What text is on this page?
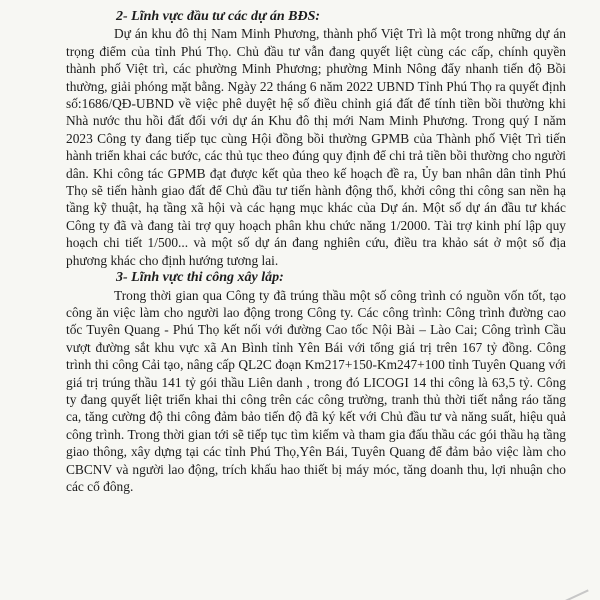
2- Lĩnh vực đầu tư các dự án BĐS:

Dự án khu đô thị Nam Minh Phương, thành phố Việt Trì là một trong những dự án trọng điểm của tỉnh Phú Thọ. Chủ đầu tư vẫn đang quyết liệt cùng các cấp, chính quyền thành phố Việt trì, các phường Minh Phương; phường Minh Nông đẩy nhanh tiến độ Bồi thường, giải phóng mặt bằng. Ngày 22 tháng 6 năm 2022 UBND Tỉnh Phú Thọ ra quyết định số:1686/QĐ-UBND về việc phê duyệt hệ số điều chỉnh giá đất để tính tiền bồi thường khi Nhà nước thu hồi đất đối với dự án Khu đô thị mới Nam Minh Phương. Trong quý I năm 2023 Công ty đang tiếp tục cùng Hội đồng bồi thường GPMB của Thành phố Việt Trì tiến hành triển khai các bước, các thủ tục theo đúng quy định để chi trả tiền bồi thường cho người dân. Khi công tác GPMB đạt được kết qủa theo kế hoạch đề ra, Ủy ban nhân dân tỉnh Phú Thọ sẽ tiến hành giao đất để Chủ đầu tư tiến hành động thổ, khởi công thi công san nền hạ tầng kỹ thuật, hạ tầng xã hội và các hạng mục khác của Dự án. Một số dự án đầu tư khác Công ty đã và đang tài trợ quy hoạch phân khu chức năng 1/2000. Tài trợ kinh phí lập quy hoạch chi tiết 1/500... và một số dự án đang nghiên cứu, điều tra khảo sát ở một số địa phương khác cho định hướng tương lai.

3- Lĩnh vực thi công xây lắp:

Trong thời gian qua Công ty đã trúng thầu một số công trình có nguồn vốn tốt, tạo công ăn việc làm cho người lao động trong Công ty. Các công trình: Công trình đường cao tốc Tuyên Quang - Phú Thọ kết nối với đường Cao tốc Nội Bài – Lào Cai; Công trình Cầu vượt đường sắt khu vực xã An Bình tỉnh Yên Bái với tổng giá trị trên 167 tỷ đồng. Công trình thi công Cải tạo, nâng cấp QL2C đoạn Km217+150-Km247+100 tỉnh Tuyên Quang với giá trị trúng thầu 141 tỷ gói thầu Liên danh , trong đó LICOGI 14 thi công là 63,5 tỷ. Công ty đang quyết liệt triển khai thi công trên các công trường, tranh thủ thời tiết nắng ráo tăng ca, tăng cường độ thi công đảm bảo tiến độ đã ký kết với Chủ đầu tư và năng suất, hiệu quả công trình. Trong thời gian tới sẽ tiếp tục tìm kiếm và tham gia đấu thầu các gói thầu hạ tầng giao thông, xây dựng tại các tỉnh Phú Thọ,Yên Bái, Tuyên Quang để đảm bảo việc làm cho CBCNV và người lao động, trích khấu hao thiết bị máy móc, tăng doanh thu, lợi nhuận cho các cổ đông.
